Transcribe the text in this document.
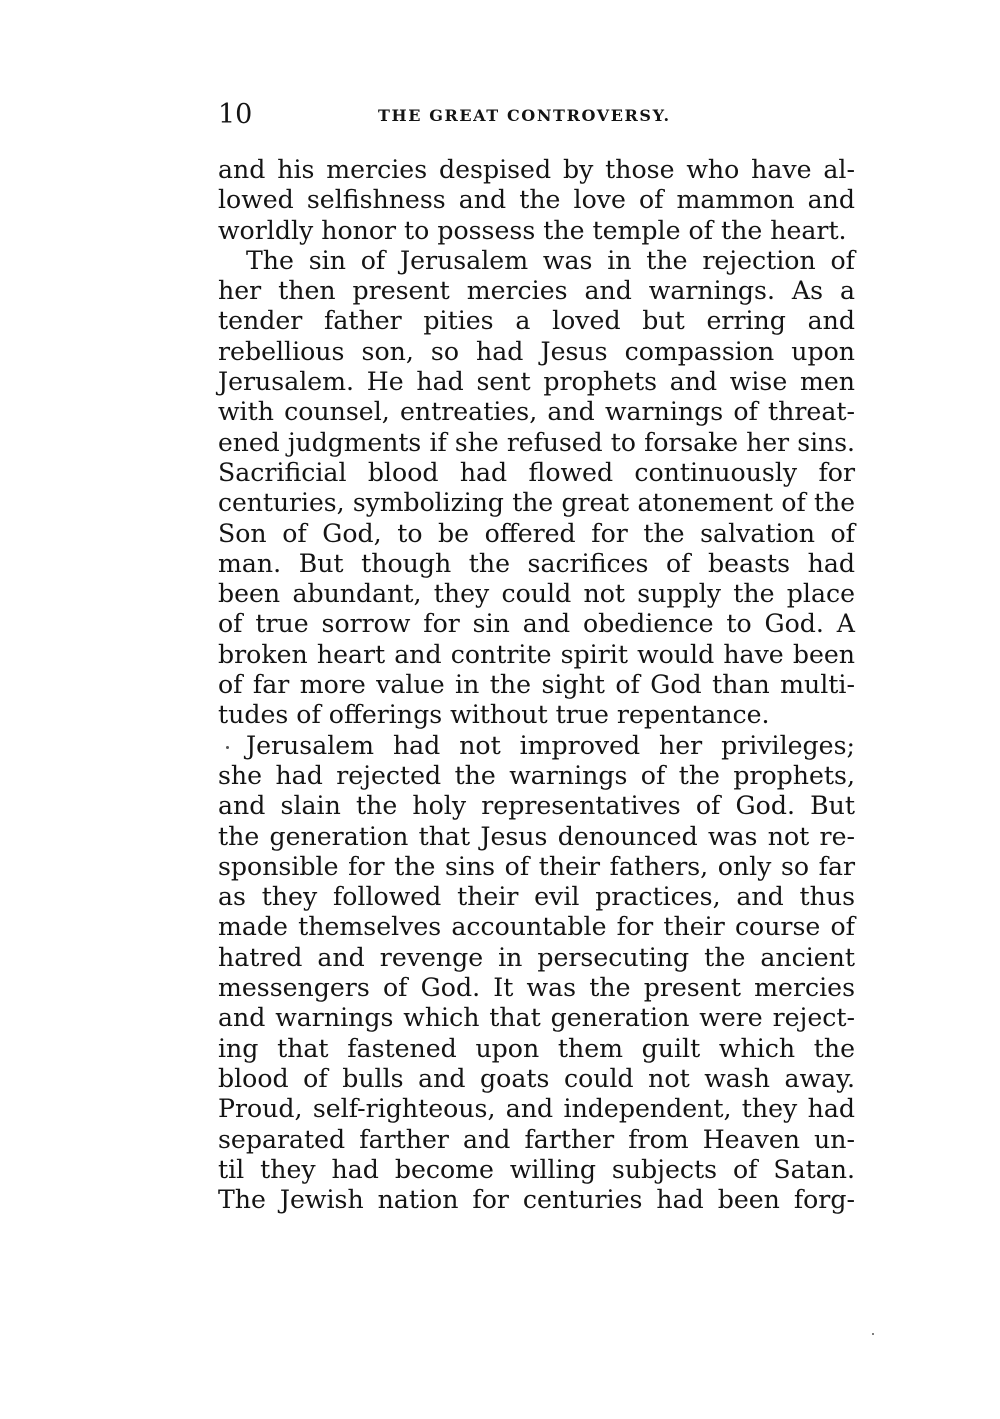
10	THE GREAT CONTROVERSY.
and his mercies despised by those who have al-
lowed selfishness and the love of mammon and
worldly honor to possess the temple of the heart.
The sin of Jerusalem was in the rejection of
her then present mercies and warnings. As a
tender father pities a loved but erring and
rebellious son, so had Jesus compassion upon
Jerusalem. He had sent prophets and wise men
with counsel, entreaties, and warnings of threat-
ened judgments if she refused to forsake her sins.
Sacrificial blood had flowed continuously for
centuries, symbolizing the great atonement of the
Son of God, to be offered for the salvation of
man. But though the sacrifices of beasts had
been abundant, they could not supply the place
of true sorrow for sin and obedience to God. A
broken heart and contrite spirit would have been
of far more value in the sight of God than multi-
tudes of offerings without true repentance.
Jerusalem had not improved her privileges;
she had rejected the warnings of the prophets,
and slain the holy representatives of God. But
the generation that Jesus denounced was not re-
sponsible for the sins of their fathers, only so far
as they followed their evil practices, and thus
made themselves accountable for their course of
hatred and revenge in persecuting the ancient
messengers of God. It was the present mercies
and warnings which that generation were reject-
ing that fastened upon them guilt which the
blood of bulls and goats could not wash away.
Proud, self-righteous, and independent, they had
separated farther and farther from Heaven un-
til they had become willing subjects of Satan.
The Jewish nation for centuries had been forg-
